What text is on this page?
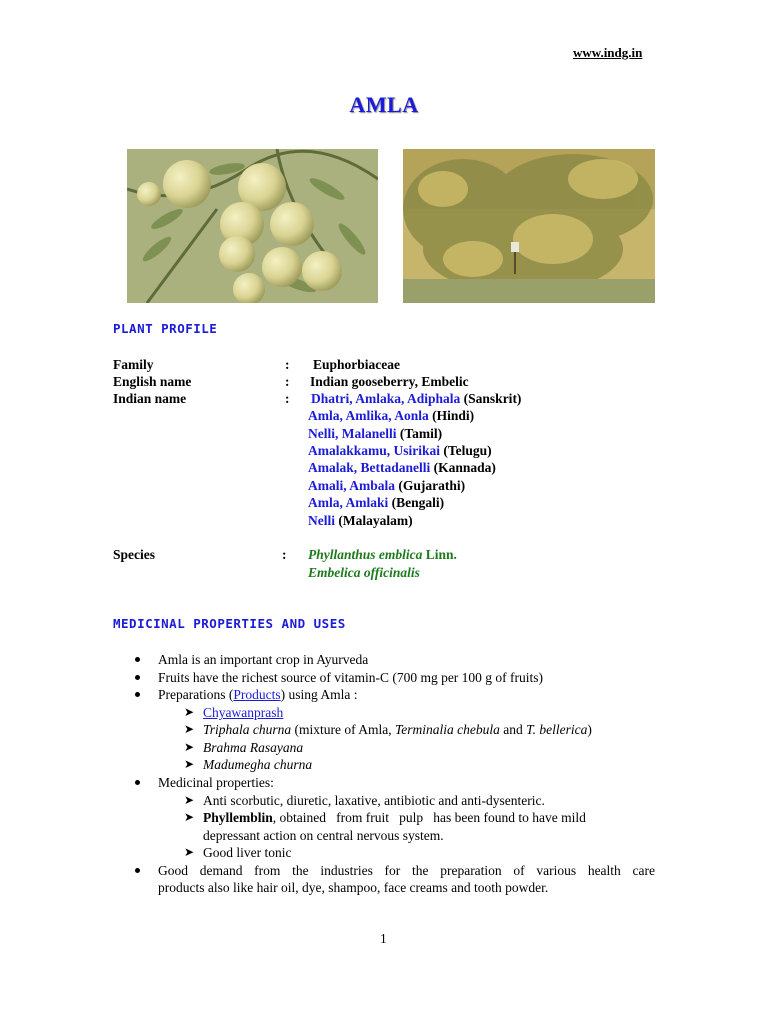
www.indg.in
AMLA
PLANT PROFILE
Family	: Euphorbiaceae
English name	: Indian gooseberry, Embelic
Indian name	: Dhatri, Amlaka, Adiphala (Sanskrit)
Amla, Amlika, Aonla (Hindi)
Nelli, Malanelli (Tamil)
Amalakkamu, Usirikai (Telugu)
Amalak, Bettadanelli (Kannada)
Amali, Ambala (Gujarathi)
Amla, Amlaki (Bengali)
Nelli (Malayalam)
Species	: Phyllanthus emblica Linn.
Embelica officinalis
MEDICINAL PROPERTIES AND USES
Amla is an important crop in Ayurveda
Fruits have the richest source of vitamin-C (700 mg per 100 g of fruits)
Preparations (Products) using Amla :
➤ Chyawanprash
➤ Triphala churna (mixture of Amla, Terminalia chebula and T. bellerica)
➤ Brahma Rasayana
➤ Madumegha churna
Medicinal properties:
➤ Anti scorbutic, diuretic, laxative, antibiotic and anti-dysenteric.
➤ Phyllemblin, obtained   from fruit   pulp   has been found to have mild
depressant action on central nervous system.
➤ Good liver tonic
Good demand from the industries for the preparation of various health care
products also like hair oil, dye, shampoo, face creams and tooth powder.
1
